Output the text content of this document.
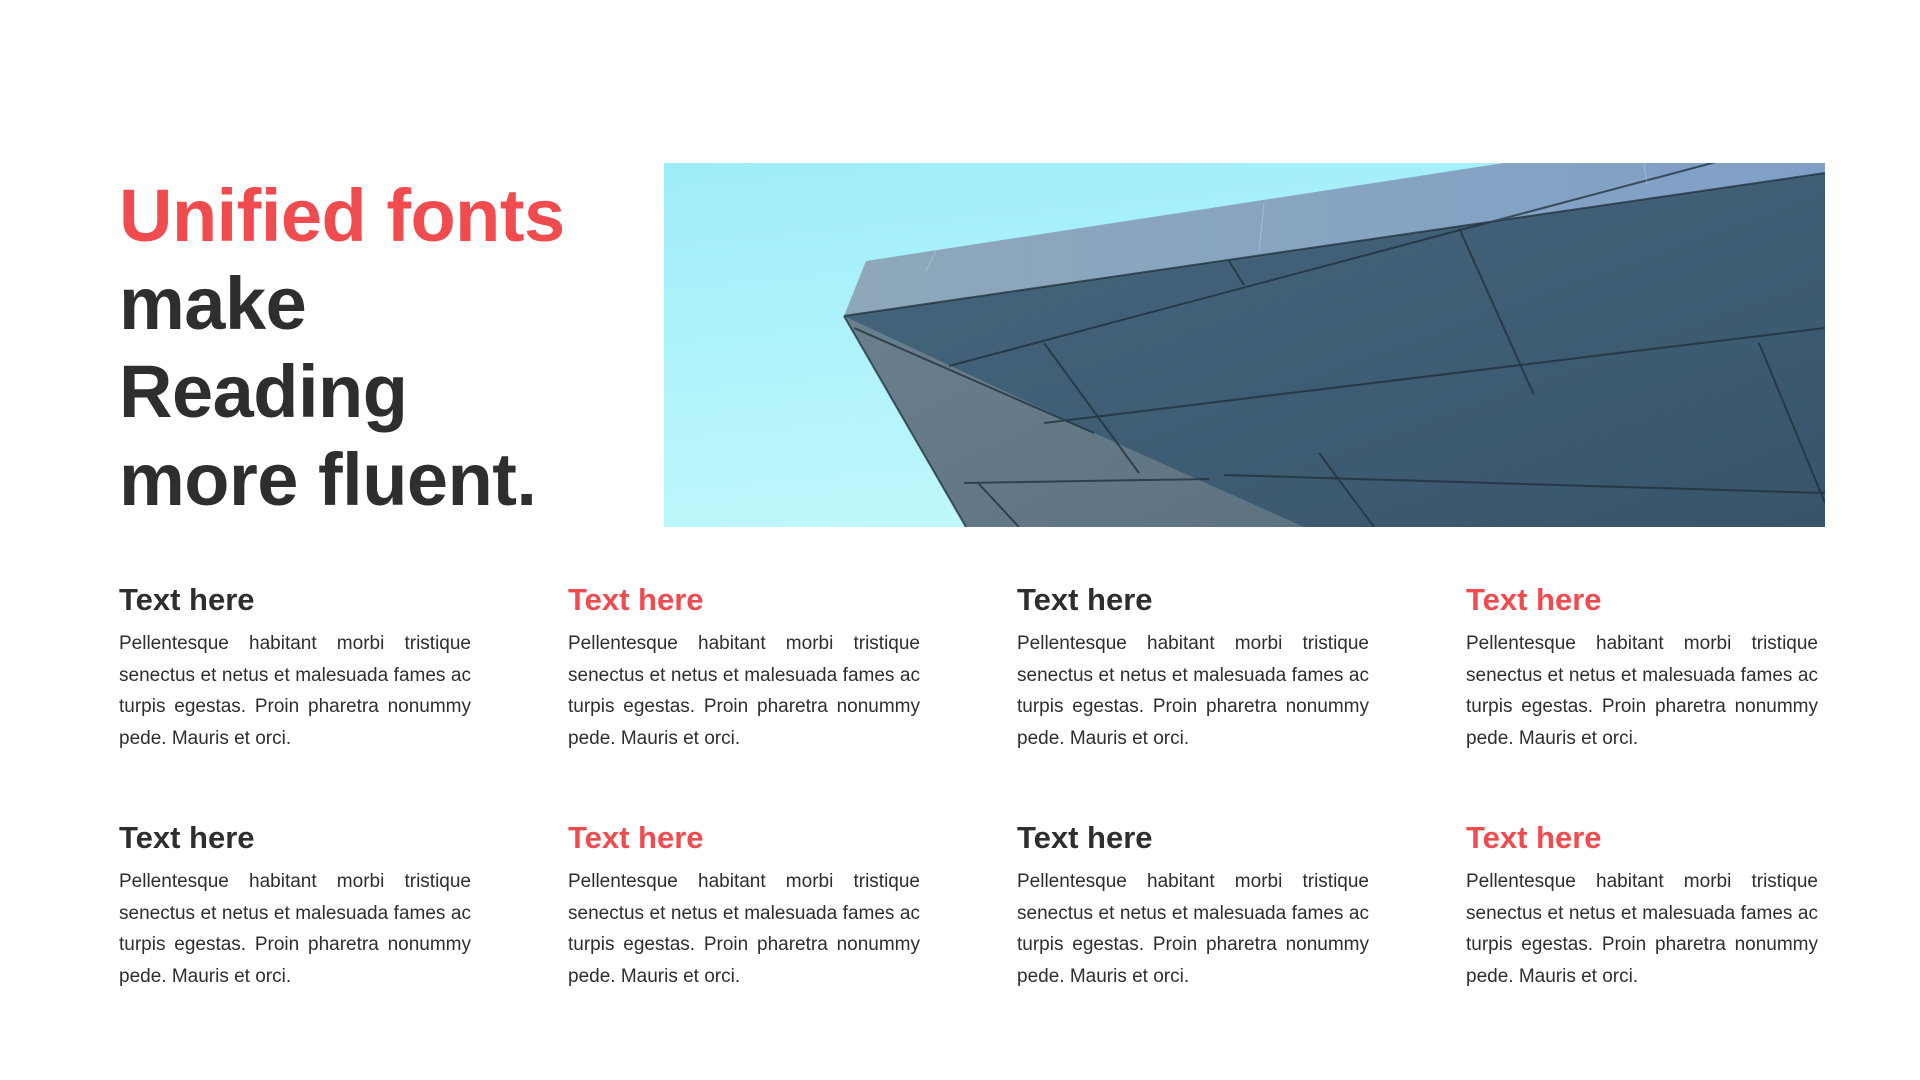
Unified fonts
make
Reading
more fluent.

Text here

Pellentesque habitant morbi tristique senectus et netus et malesuada fames ac turpis egestas. Proin pharetra nonummy pede. Mauris et orci.

Text here

Pellentesque habitant morbi tristique senectus et netus et malesuada fames ac turpis egestas. Proin pharetra nonummy pede. Mauris et orci.

Text here

Pellentesque habitant morbi tristique senectus et netus et malesuada fames ac turpis egestas. Proin pharetra nonummy pede. Mauris et orci.

Text here

Pellentesque habitant morbi tristique senectus et netus et malesuada fames ac turpis egestas. Proin pharetra nonummy pede. Mauris et orci.

Text here

Pellentesque habitant morbi tristique senectus et netus et malesuada fames ac turpis egestas. Proin pharetra nonummy pede. Mauris et orci.

Text here

Pellentesque habitant morbi tristique senectus et netus et malesuada fames ac turpis egestas. Proin pharetra nonummy pede. Mauris et orci.

Text here

Pellentesque habitant morbi tristique senectus et netus et malesuada fames ac turpis egestas. Proin pharetra nonummy pede. Mauris et orci.

Text here

Pellentesque habitant morbi tristique senectus et netus et malesuada fames ac turpis egestas. Proin pharetra nonummy pede. Mauris et orci.
